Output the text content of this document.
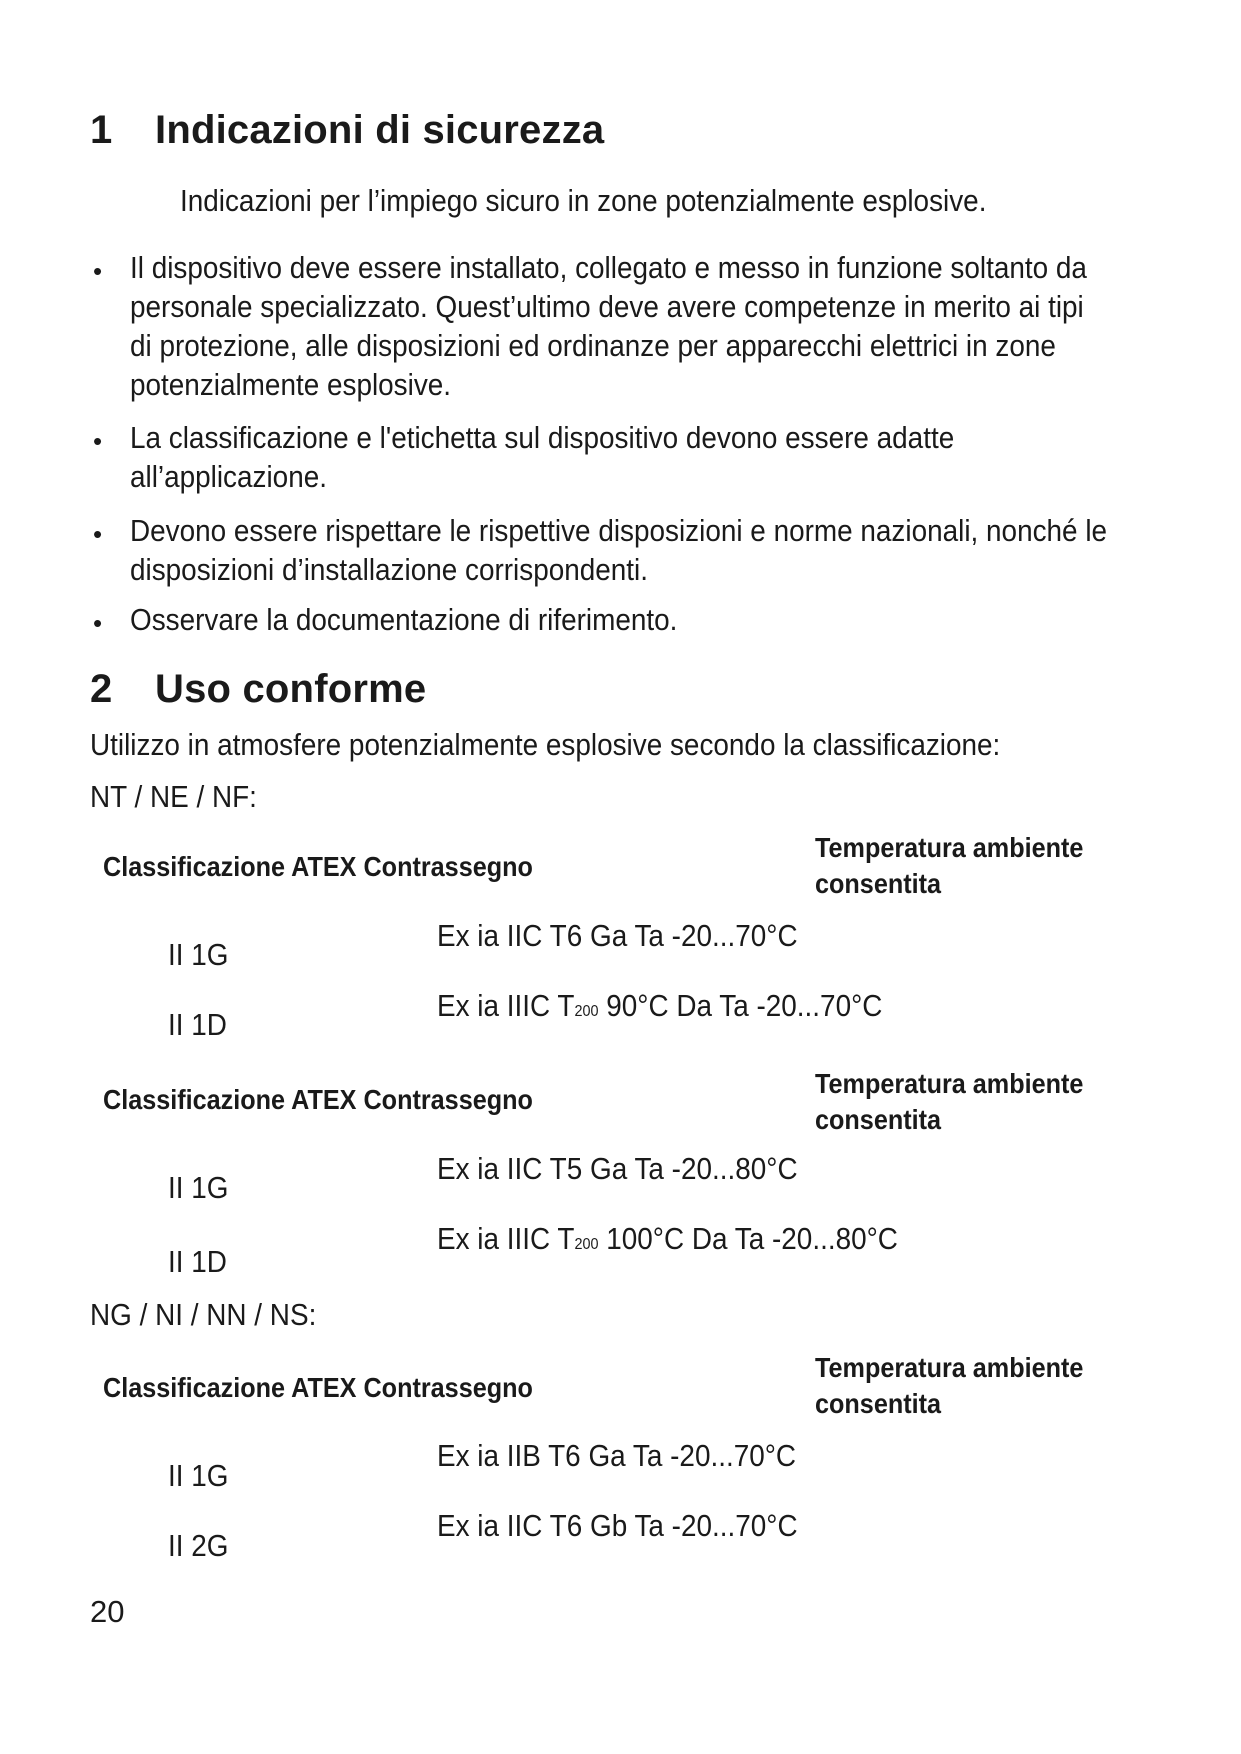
1 Indicazioni di sicurezza
Indicazioni per l’impiego sicuro in zone potenzialmente esplosive.
• Il dispositivo deve essere installato, collegato e messo in funzione soltanto da
personale specializzato. Quest’ultimo deve avere competenze in merito ai tipi
di protezione, alle disposizioni ed ordinanze per apparecchi elettrici in zone
potenzialmente esplosive.
• La classificazione e l'etichetta sul dispositivo devono essere adatte
all’applicazione.
• Devono essere rispettare le rispettive disposizioni e norme nazionali, nonché le
disposizioni d’installazione corrispondenti.
• Osservare la documentazione di riferimento.
2 Uso conforme
Utilizzo in atmosfere potenzialmente esplosive secondo la classificazione:
NT / NE / NF:
Classificazione ATEX Contrassegno
Temperatura ambiente
consentita
II 1G
Ex ia IIC T6 Ga Ta -20...70°C
II 1D
Ex ia IIIC T200 90°C Da Ta -20...70°C
Classificazione ATEX Contrassegno
Temperatura ambiente
consentita
II 1G
Ex ia IIC T5 Ga Ta -20...80°C
II 1D
Ex ia IIIC T200 100°C Da Ta -20...80°C
NG / NI / NN / NS:
Classificazione ATEX Contrassegno
Temperatura ambiente
consentita
II 1G
Ex ia IIB T6 Ga Ta -20...70°C
II 2G
Ex ia IIC T6 Gb Ta -20...70°C
20
